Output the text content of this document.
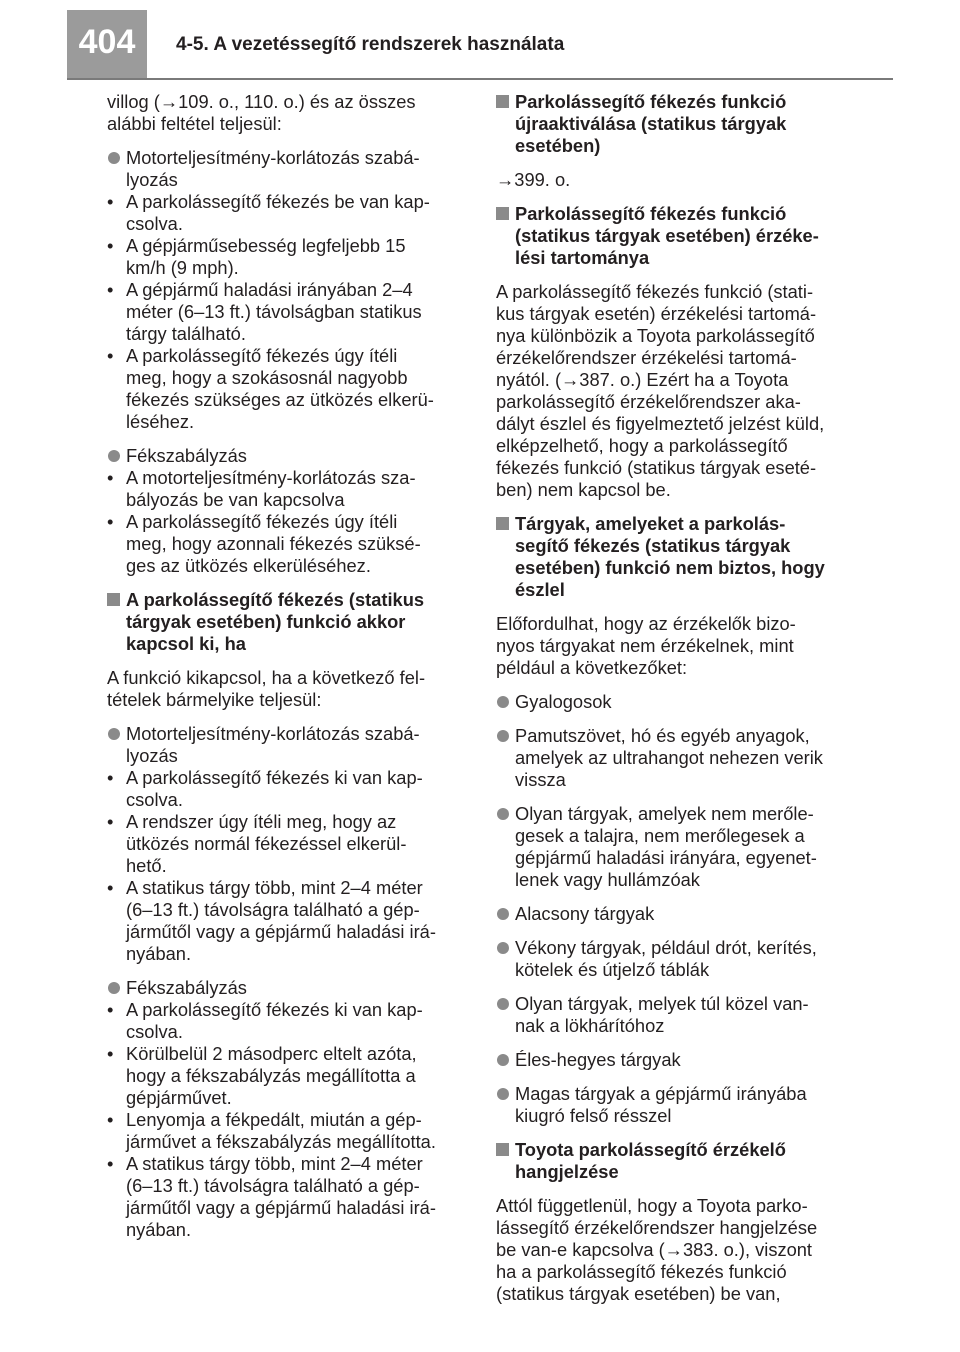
404	4-5. A vezetéssegítő rendszerek használata

villog (→109. o., 110. o.) és az összes
alábbi feltétel teljesül:

Motorteljesítmény-korlátozás szabá-
lyozás
• A parkolássegítő fékezés be van kap-
csolva.
• A gépjárműsebesség legfeljebb 15
km/h (9 mph).
• A gépjármű haladási irányában 2–4
méter (6–13 ft.) távolságban statikus
tárgy található.
• A parkolássegítő fékezés úgy ítéli
meg, hogy a szokásosnál nagyobb
fékezés szükséges az ütközés elkerü-
léséhez.
Fékszabályzás
• A motorteljesítmény-korlátozás sza-
bályozás be van kapcsolva
• A parkolássegítő fékezés úgy ítéli
meg, hogy azonnali fékezés szüksé-
ges az ütközés elkerüléséhez.
A parkolássegítő fékezés (statikus
tárgyak esetében) funkció akkor
kapcsol ki, ha

A funkció kikapcsol, ha a következő fel-
tételek bármelyike teljesül:

Motorteljesítmény-korlátozás szabá-
lyozás
• A parkolássegítő fékezés ki van kap-
csolva.
• A rendszer úgy ítéli meg, hogy az
ütközés normál fékezéssel elkerül-
hető.
• A statikus tárgy több, mint 2–4 méter
(6–13 ft.) távolságra található a gép-
járműtől vagy a gépjármű haladási irá-
nyában.
Fékszabályzás
• A parkolássegítő fékezés ki van kap-
csolva.
• Körülbelül 2 másodperc eltelt azóta,
hogy a fékszabályzás megállította a
gépjárművet.
• Lenyomja a fékpedált, miután a gép-
járművet a fékszabályzás megállította.
• A statikus tárgy több, mint 2–4 méter
(6–13 ft.) távolságra található a gép-
járműtől vagy a gépjármű haladási irá-
nyában.
Parkolássegítő fékezés funkció
újraaktiválása (statikus tárgyak
esetében)

→399. o.

Parkolássegítő fékezés funkció
(statikus tárgyak esetében) érzéke-
lési tartománya

A parkolássegítő fékezés funkció (stati-
kus tárgyak esetén) érzékelési tartomá-
nya különbözik a Toyota parkolássegítő
érzékelőrendszer érzékelési tartomá-
nyától. (→387. o.) Ezért ha a Toyota
parkolássegítő érzékelőrendszer aka-
dályt észlel és figyelmeztető jelzést küld,
elképzelhető, hogy a parkolássegítő
fékezés funkció (statikus tárgyak eseté-
ben) nem kapcsol be.

Tárgyak, amelyeket a parkolás-
segítő fékezés (statikus tárgyak
esetében) funkció nem biztos, hogy
észlel

Előfordulhat, hogy az érzékelők bizo-
nyos tárgyakat nem érzékelnek, mint
például a következőket:

Gyalogosok
Pamutszövet, hó és egyéb anyagok,
amelyek az ultrahangot nehezen verik
vissza
Olyan tárgyak, amelyek nem merőle-
gesek a talajra, nem merőlegesek a
gépjármű haladási irányára, egyenet-
lenek vagy hullámzóak
Alacsony tárgyak
Vékony tárgyak, például drót, kerítés,
kötelek és útjelző táblák
Olyan tárgyak, melyek túl közel van-
nak a lökhárítóhoz
Éles-hegyes tárgyak
Magas tárgyak a gépjármű irányába
kiugró felső résszel
Toyota parkolássegítő érzékelő
hangjelzése

Attól függetlenül, hogy a Toyota parko-
lássegítő érzékelőrendszer hangjelzése
be van-e kapcsolva (→383. o.), viszont
ha a parkolássegítő fékezés funkció
(statikus tárgyak esetében) be van,
